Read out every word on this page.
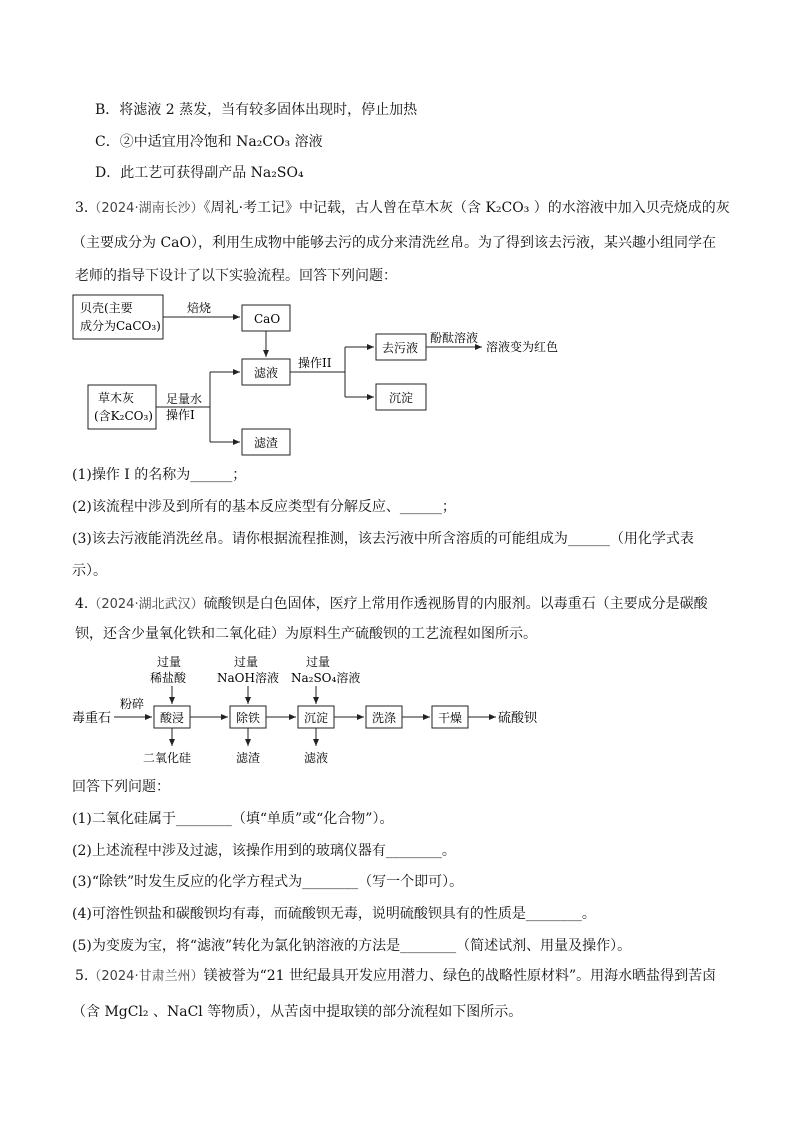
B．将滤液 2 蒸发，当有较多固体出现时，停止加热
C．②中适宜用冷饱和 Na₂CO₃ 溶液
D．此工艺可获得副产品 Na₂SO₄
3.（2024·湖南长沙）《周礼·考工记》中记载，古人曾在草木灰（含 K₂CO₃ ）的水溶液中加入贝壳烧成的灰
（主要成分为 CaO），利用生成物中能够去污的成分来清洗丝帛。为了得到该去污液，某兴趣小组同学在
老师的指导下设计了以下实验流程。回答下列问题：
贝壳(主要
成分为CaCO₃)
焙烧
CaO
滤液
草木灰
(含K₂CO₃)
足量水
操作I
滤渣
操作II
去污液
酚酞溶液
溶液变为红色
沉淀
(1)操作 I 的名称为______；
(2)该流程中涉及到所有的基本反应类型有分解反应、______；
(3)该去污液能消洗丝帛。请你根据流程推测，该去污液中所含溶质的可能组成为______（用化学式表
示）。
4.（2024·湖北武汉）硫酸钡是白色固体，医疗上常用作透视肠胃的内服剂。以毒重石（主要成分是碳酸
钡，还含少量氧化铁和二氧化硅）为原料生产硫酸钡的工艺流程如图所示。
过量
稀盐酸
过量
NaOH溶液
过量
Na₂SO₄溶液
毒重石
粉碎
酸浸	除铁	沉淀	洗涤	干燥	硫酸钡
二氧化硅	滤渣	滤液
回答下列问题：
(1)二氧化硅属于________（填“单质”或“化合物”）。
(2)上述流程中涉及过滤，该操作用到的玻璃仪器有________。
(3)“除铁”时发生反应的化学方程式为________（写一个即可）。
(4)可溶性钡盐和碳酸钡均有毒，而硫酸钡无毒，说明硫酸钡具有的性质是________。
(5)为变废为宝，将“滤液”转化为氯化钠溶液的方法是________（简述试剂、用量及操作）。
5.（2024·甘肃兰州）镁被誉为“21 世纪最具开发应用潜力、绿色的战略性原材料”。用海水晒盐得到苦卤
（含 MgCl₂ 、NaCl 等物质），从苦卤中提取镁的部分流程如下图所示。
